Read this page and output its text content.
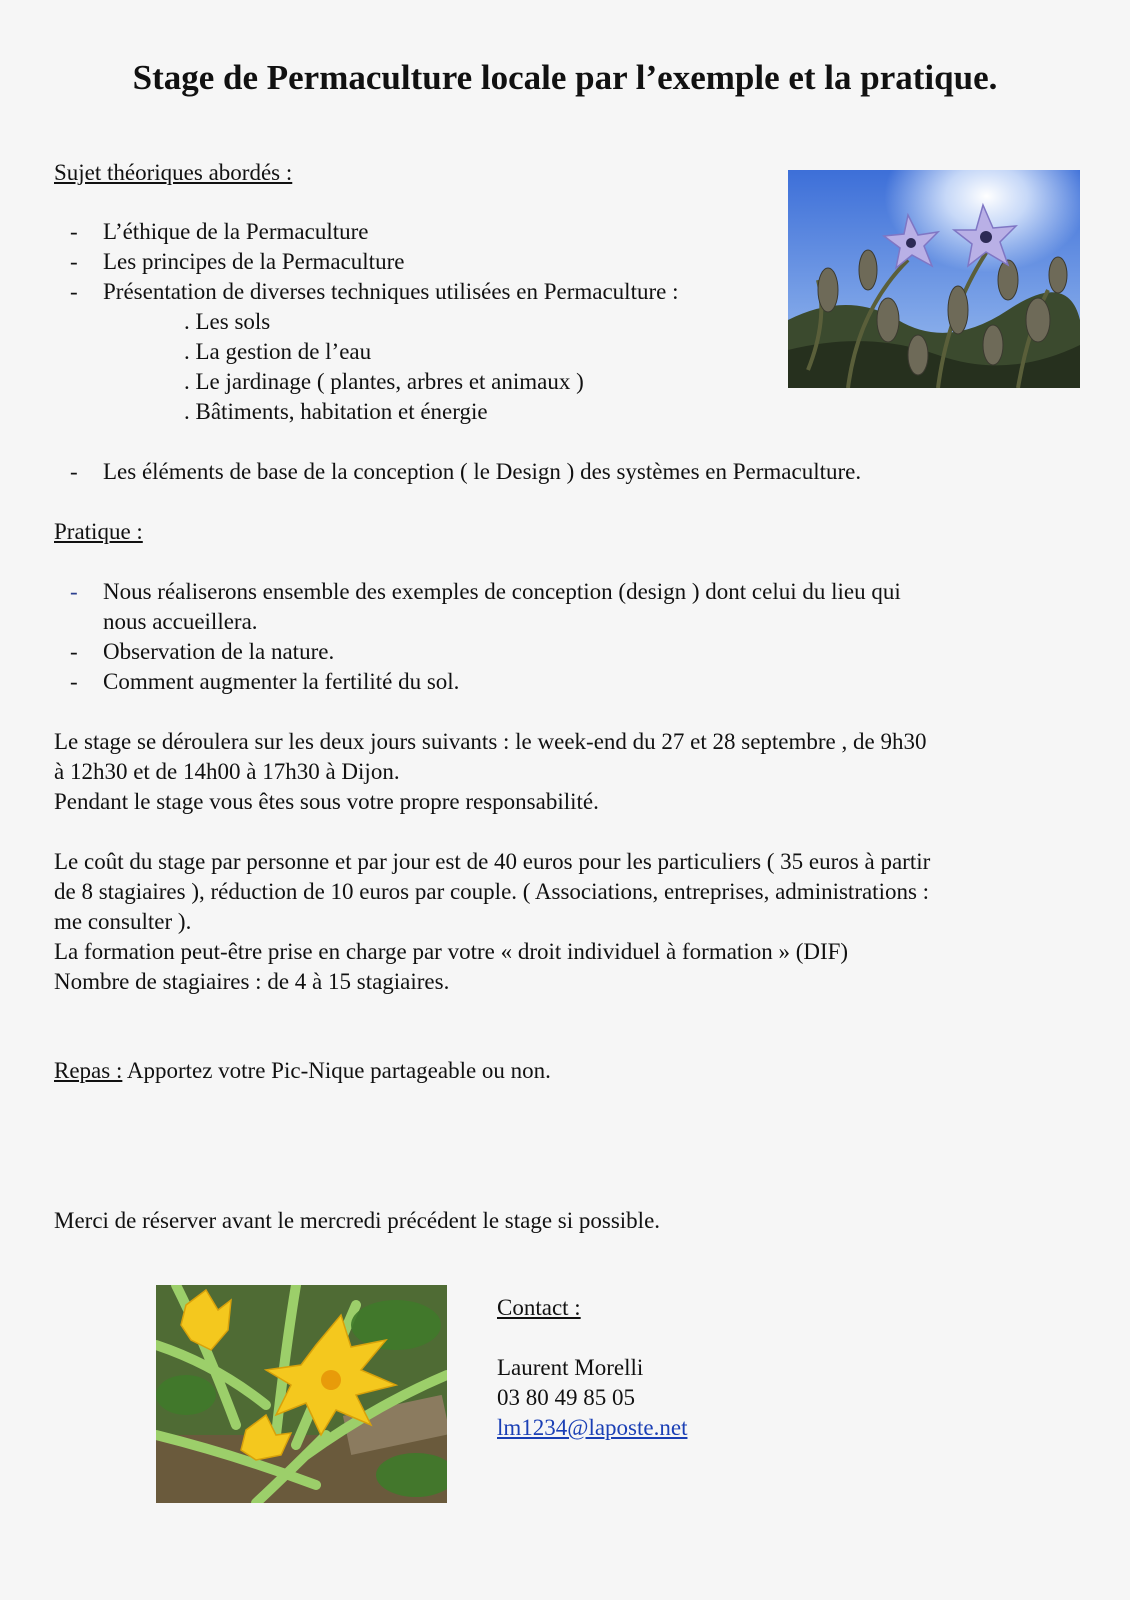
Stage de Permaculture locale par l’exemple et la pratique.
Sujet théoriques abordés :
- L’éthique de la Permaculture
- Les principes de la Permaculture
- Présentation de diverses techniques utilisées en Permaculture :
. Les sols
. La gestion de l’eau
. Le jardinage ( plantes, arbres et animaux )
. Bâtiments, habitation et énergie
- Les éléments de base de la conception ( le Design ) des systèmes en Permaculture.
Pratique :
- Nous réaliserons ensemble des exemples de conception (design ) dont celui du lieu qui
nous accueillera.
- Observation de la nature.
- Comment augmenter la fertilité du sol.
Le stage se déroulera sur les deux jours suivants : le week-end du 27 et 28 septembre , de 9h30
à 12h30 et de 14h00 à 17h30 à Dijon.
Pendant le stage vous êtes sous votre propre responsabilité.
Le coût du stage par personne et par jour est de 40 euros pour les particuliers ( 35 euros à partir
de 8 stagiaires ), réduction de 10 euros par couple. ( Associations, entreprises, administrations :
me consulter ).
La formation peut-être prise en charge par votre « droit individuel à formation » (DIF)
Nombre de stagiaires : de 4 à 15 stagiaires.
Repas : Apportez votre Pic-Nique partageable ou non.
Merci de réserver avant le mercredi précédent le stage si possible.
Contact :
Laurent Morelli
03 80 49 85 05
lm1234@laposte.net
